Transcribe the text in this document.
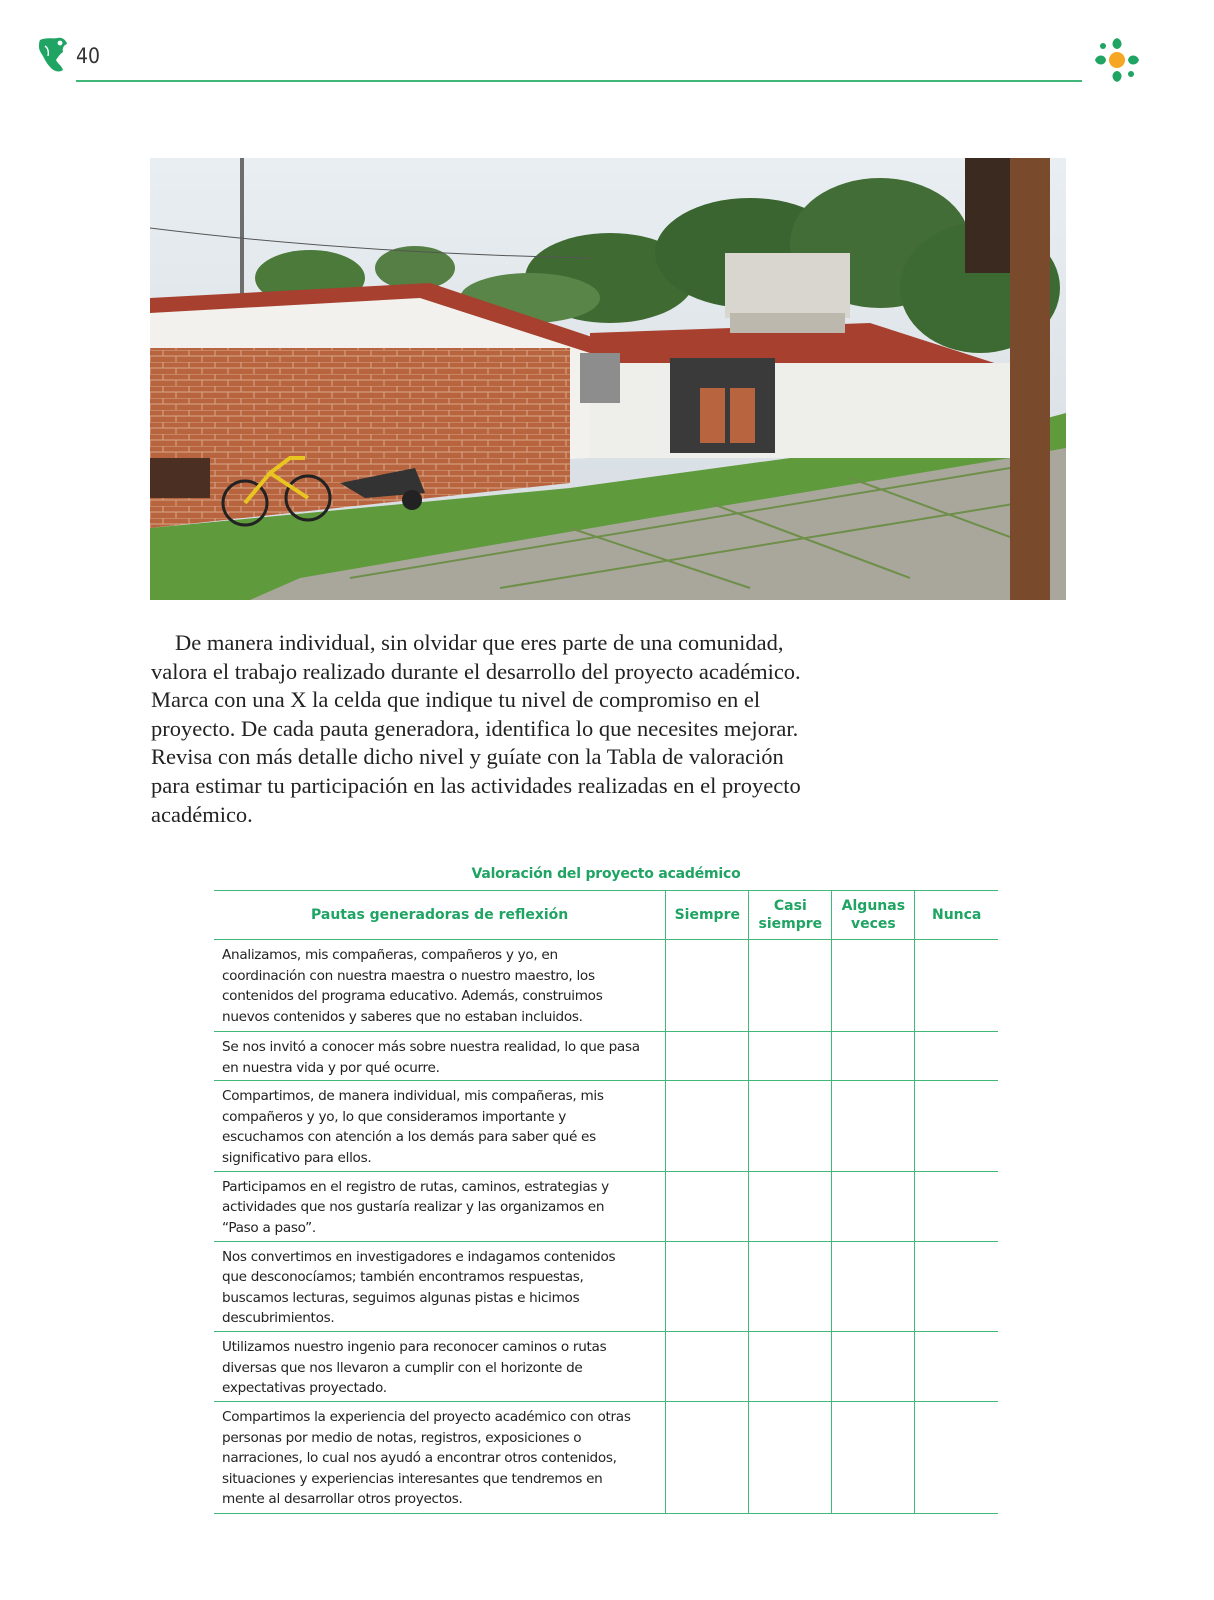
40

De manera individual, sin olvidar que eres parte de una comunidad, valora el trabajo realizado durante el desarrollo del proyecto académico. Marca con una X la celda que indique tu nivel de compromiso en el proyecto. De cada pauta generadora, identifica lo que necesites mejorar. Revisa con más detalle dicho nivel y guíate con la Tabla de valoración para estimar tu participación en las actividades realizadas en el proyecto académico.

Valoración del proyecto académico
Pautas generadoras de reflexión	Siempre	Casi siempre	Algunas veces	Nunca
Analizamos, mis compañeras, compañeros y yo, en coordinación con nuestra maestra o nuestro maestro, los contenidos del programa educativo. Además, construimos nuevos contenidos y saberes que no estaban incluidos.				
Se nos invitó a conocer más sobre nuestra realidad, lo que pasa en nuestra vida y por qué ocurre.				
Compartimos, de manera individual, mis compañeras, mis compañeros y yo, lo que consideramos importante y escuchamos con atención a los demás para saber qué es significativo para ellos.				
Participamos en el registro de rutas, caminos, estrategias y actividades que nos gustaría realizar y las organizamos en “Paso a paso”.				
Nos convertimos en investigadores e indagamos contenidos que desconocíamos; también encontramos respuestas, buscamos lecturas, seguimos algunas pistas e hicimos descubrimientos.				
Utilizamos nuestro ingenio para reconocer caminos o rutas diversas que nos llevaron a cumplir con el horizonte de expectativas proyectado.				
Compartimos la experiencia del proyecto académico con otras personas por medio de notas, registros, exposiciones o narraciones, lo cual nos ayudó a encontrar otros contenidos, situaciones y experiencias interesantes que tendremos en mente al desarrollar otros proyectos.				
